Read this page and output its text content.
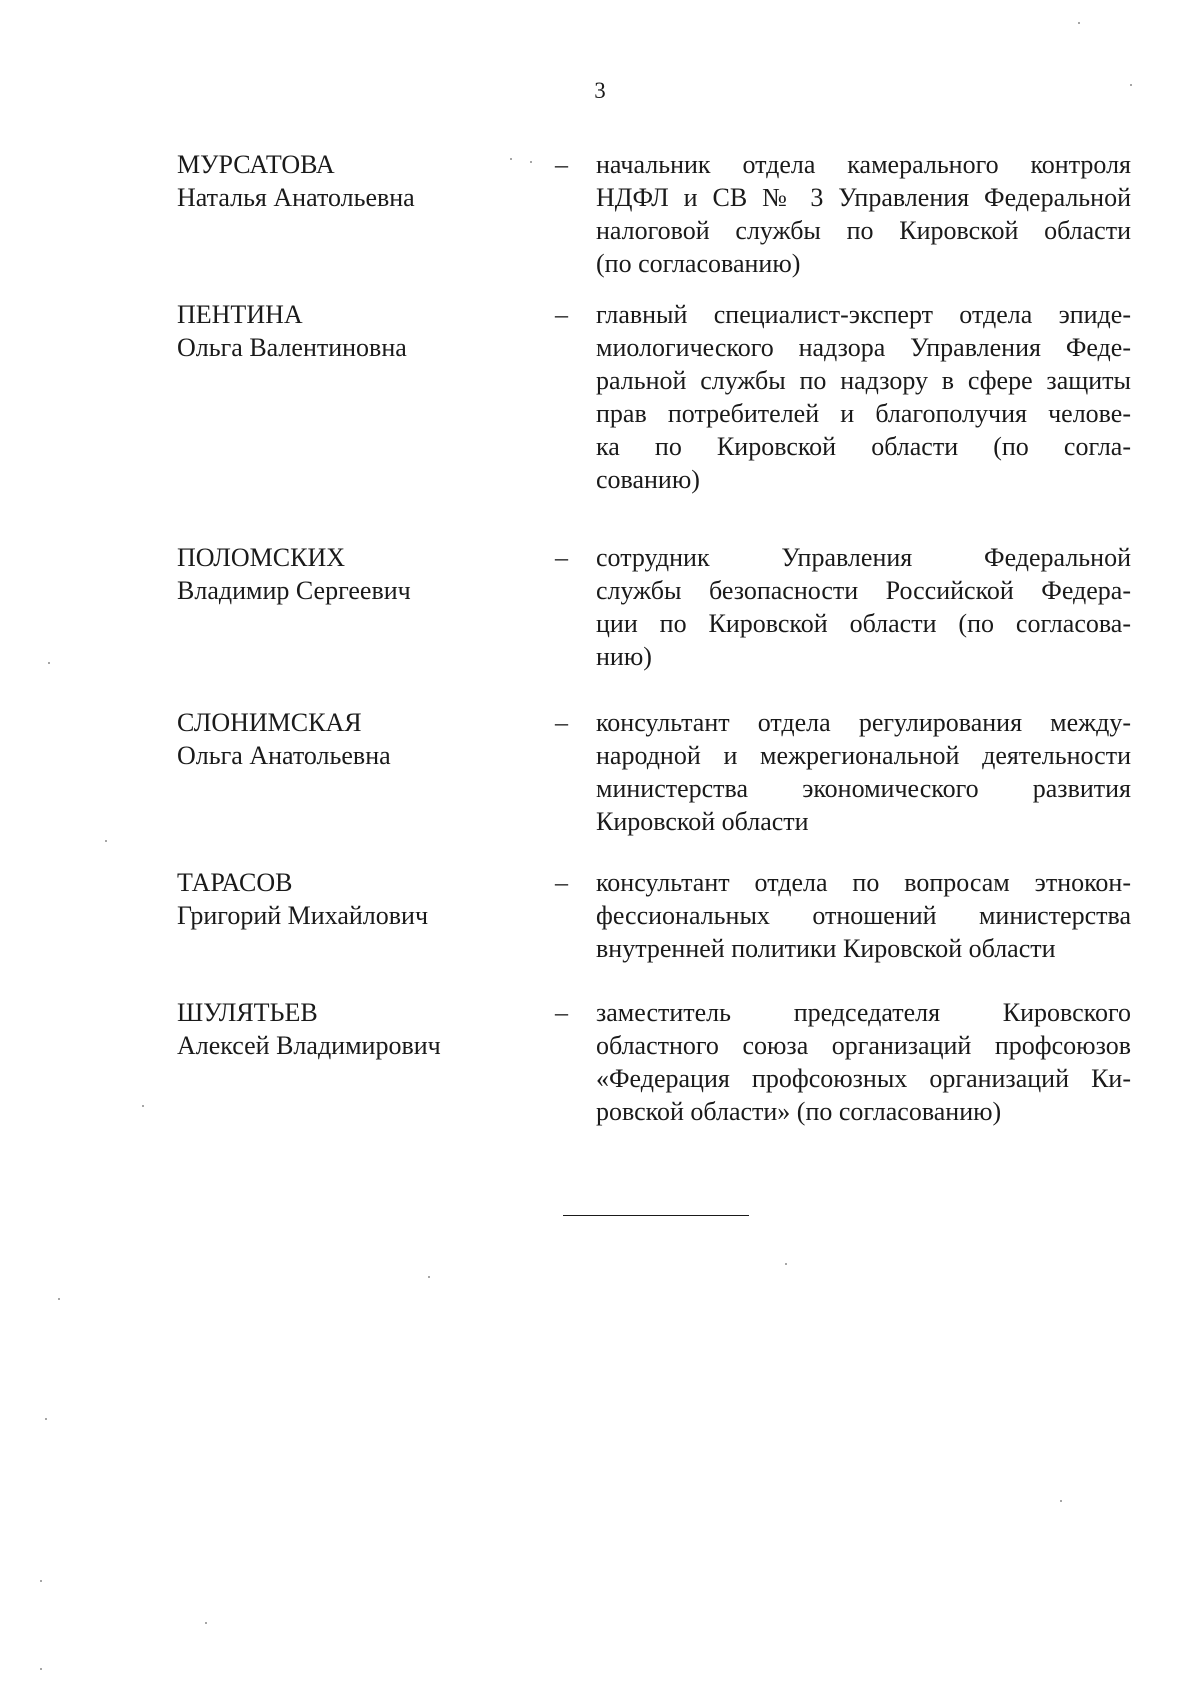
3
МУРСАТОВА
Наталья Анатольевна
– начальник отдела камерального контроля
НДФЛ и СВ № 3 Управления Федеральной
налоговой службы по Кировской области
(по согласованию)
ПЕНТИНА
Ольга Валентиновна
– главный специалист-эксперт отдела эпиде-
миологического надзора Управления Феде-
ральной службы по надзору в сфере защиты
прав потребителей и благополучия челове-
ка по Кировской области (по согла-
сованию)
ПОЛОМСКИХ
Владимир Сергеевич
– сотрудник Управления Федеральной
службы безопасности Российской Федера-
ции по Кировской области (по согласова-
нию)
СЛОНИМСКАЯ
Ольга Анатольевна
– консультант отдела регулирования между-
народной и межрегиональной деятельности
министерства экономического развития
Кировской области
ТАРАСОВ
Григорий Михайлович
– консультант отдела по вопросам этнокон-
фессиональных отношений министерства
внутренней политики Кировской области
ШУЛЯТЬЕВ
Алексей Владимирович
– заместитель председателя Кировского
областного союза организаций профсоюзов
«Федерация профсоюзных организаций Ки-
ровской области» (по согласованию)
